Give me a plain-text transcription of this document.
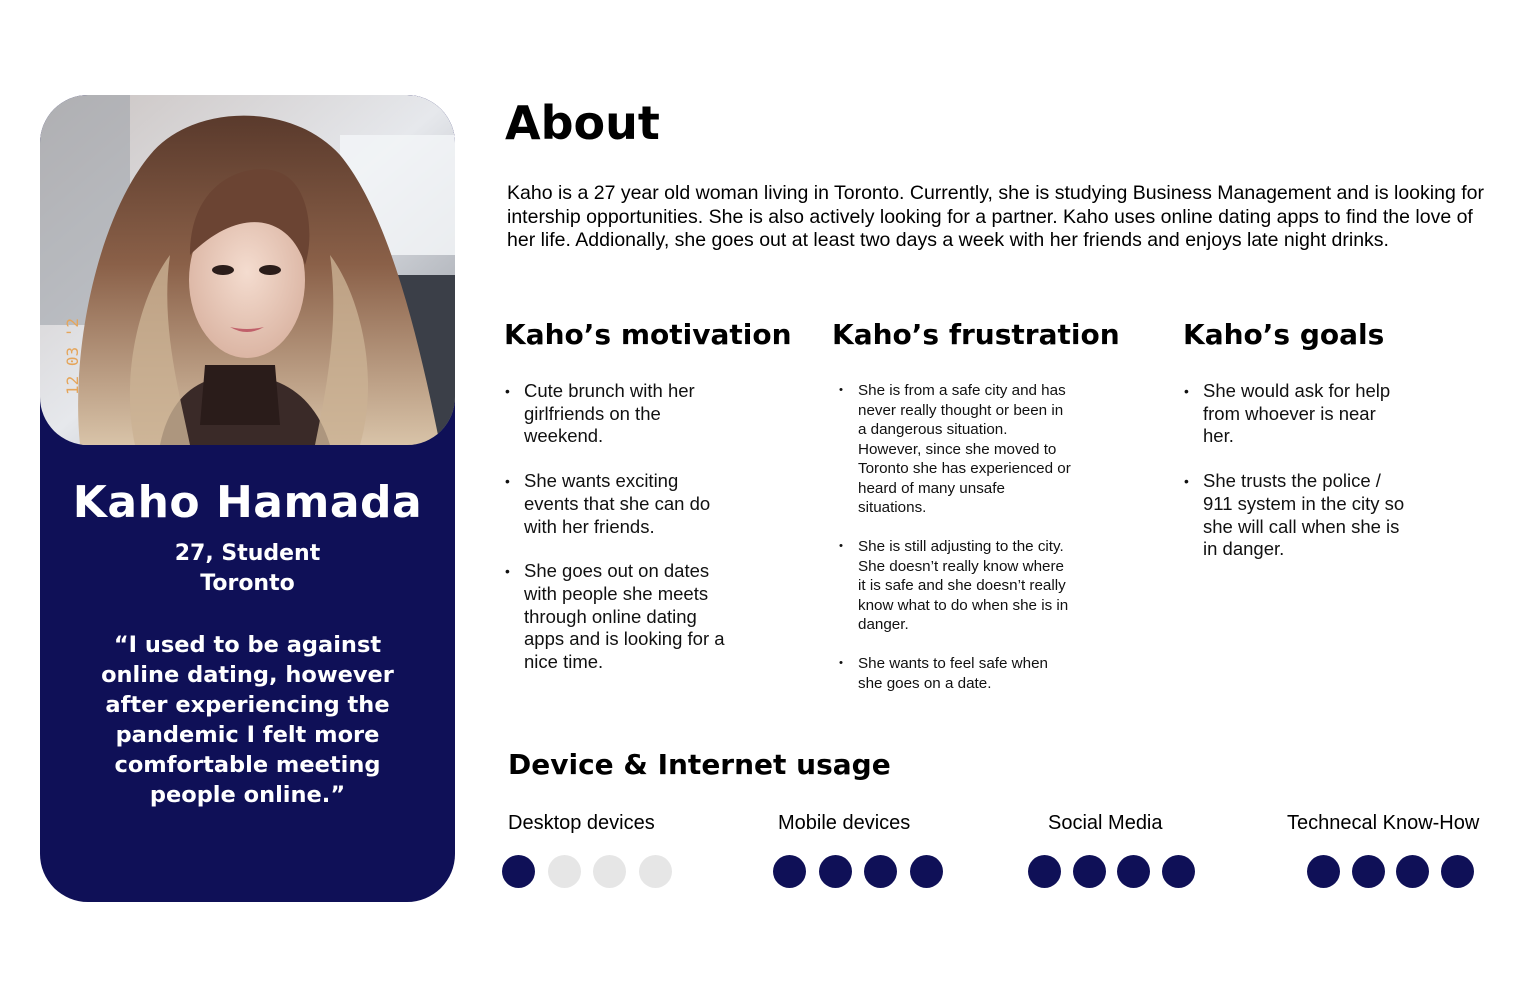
12 03 '2
Kaho Hamada
27, Student
Toronto
“I used to be against online dating, however after experiencing the pandemic I felt more comfortable meeting people online.”
About
Kaho is a 27 year old woman living in Toronto. Currently, she is studying Business Management and is looking for intership opportunities. She is also actively looking for a partner. Kaho uses online dating apps to find the love of her life. Addionally, she goes out at least two days a week with her friends and enjoys late night drinks.
Kaho’s motivation
• Cute brunch with her girlfriends on the weekend.
• She wants exciting events that she can do with her friends.
• She goes out on dates with people she meets through online dating apps and is looking for a nice time.
Kaho’s frustration
• She is from a safe city and has never really thought or been in a dangerous situation. However, since she moved to Toronto she has experienced or heard of many unsafe situations.
• She is still adjusting to the city. She doesn’t really know where it is safe and she doesn’t really know what to do when she is in danger.
• She wants to feel safe when she goes on a date.
Kaho’s goals
• She would ask for help from whoever is near her.
• She trusts the police / 911 system in the city so she will call when she is in danger.
Device & Internet usage
Desktop devices	Mobile devices	Social Media	Technecal Know-How
